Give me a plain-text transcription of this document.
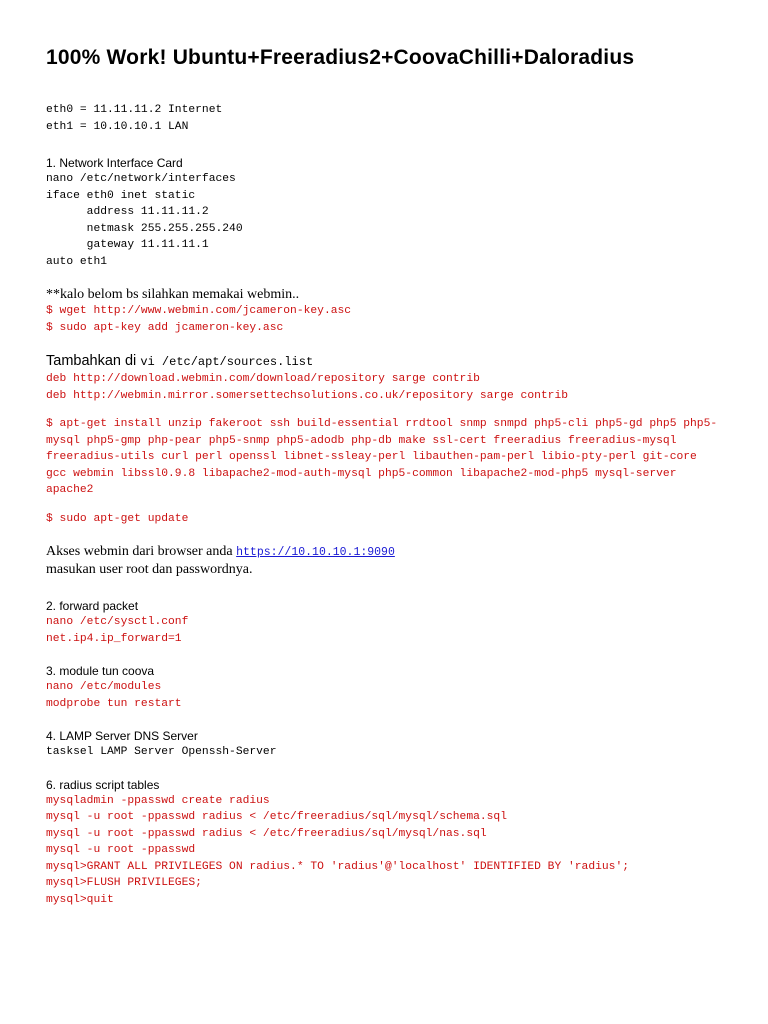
100% Work! Ubuntu+Freeradius2+CoovaChilli+Daloradius
eth0 = 11.11.11.2 Internet
eth1 = 10.10.10.1 LAN
1. Network Interface Card
nano /etc/network/interfaces
iface eth0 inet static
address 11.11.11.2
netmask 255.255.255.240
gateway 11.11.11.1
auto eth1
**kalo belom bs silahkan memakai webmin..
$ wget http://www.webmin.com/jcameron-key.asc
$ sudo apt-key add jcameron-key.asc
Tambahkan di vi /etc/apt/sources.list
deb http://download.webmin.com/download/repository sarge contrib
deb http://webmin.mirror.somersettechsolutions.co.uk/repository sarge contrib
$ apt-get install unzip fakeroot ssh build-essential rrdtool snmp snmpd php5-cli php5-gd php5 php5-
mysql php5-gmp php-pear php5-snmp php5-adodb php-db make ssl-cert freeradius freeradius-mysql
freeradius-utils curl perl openssl libnet-ssleay-perl libauthen-pam-perl libio-pty-perl git-core
gcc webmin libssl0.9.8 libapache2-mod-auth-mysql php5-common libapache2-mod-php5 mysql-server
apache2
$ sudo apt-get update
Akses webmin dari browser anda https://10.10.10.1:9090
masukan user root dan passwordnya.
2. forward packet
nano /etc/sysctl.conf
net.ip4.ip_forward=1
3. module tun coova
nano /etc/modules
modprobe tun restart
4. LAMP Server DNS Server
tasksel LAMP Server Openssh-Server
6. radius script tables
mysqladmin -ppasswd create radius
mysql -u root -ppasswd radius < /etc/freeradius/sql/mysql/schema.sql
mysql -u root -ppasswd radius < /etc/freeradius/sql/mysql/nas.sql
mysql -u root -ppasswd
mysql>GRANT ALL PRIVILEGES ON radius.* TO 'radius'@'localhost' IDENTIFIED BY 'radius';
mysql>FLUSH PRIVILEGES;
mysql>quit
